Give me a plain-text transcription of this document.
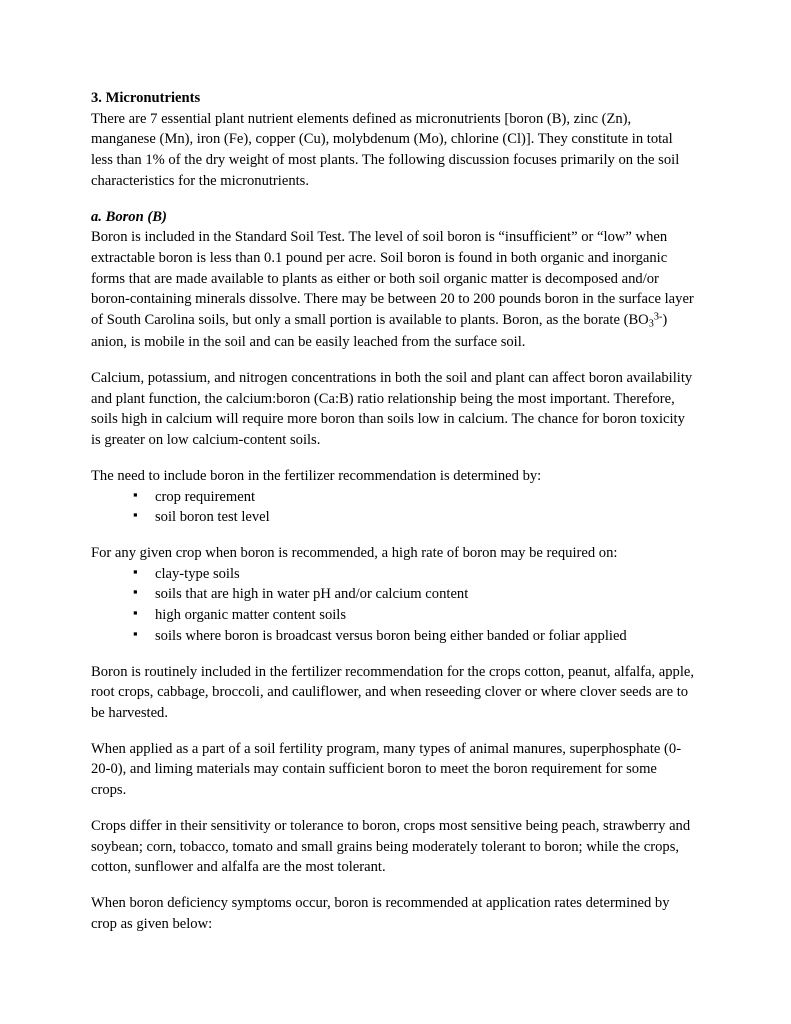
3. Micronutrients

There are 7 essential plant nutrient elements defined as micronutrients [boron (B), zinc (Zn), manganese (Mn), iron (Fe), copper (Cu), molybdenum (Mo), chlorine (Cl)]. They constitute in total less than 1% of the dry weight of most plants. The following discussion focuses primarily on the soil characteristics for the micronutrients.

a. Boron (B)

Boron is included in the Standard Soil Test. The level of soil boron is “insufficient” or “low” when extractable boron is less than 0.1 pound per acre. Soil boron is found in both organic and inorganic forms that are made available to plants as either or both soil organic matter is decomposed and/or boron-containing minerals dissolve. There may be between 20 to 200 pounds boron in the surface layer of South Carolina soils, but only a small portion is available to plants. Boron, as the borate $(BO_3^{3-})$ anion, is mobile in the soil and can be easily leached from the surface soil.

Calcium, potassium, and nitrogen concentrations in both the soil and plant can affect boron availability and plant function, the calcium:boron (Ca:B) ratio relationship being the most important. Therefore, soils high in calcium will require more boron than soils low in calcium. The chance for boron toxicity is greater on low calcium-content soils.

The need to include boron in the fertilizer recommendation is determined by:

▪ crop requirement
▪ soil boron test level

For any given crop when boron is recommended, a high rate of boron may be required on:

▪ clay-type soils
▪ soils that are high in water pH and/or calcium content
▪ high organic matter content soils
▪ soils where boron is broadcast versus boron being either banded or foliar applied

Boron is routinely included in the fertilizer recommendation for the crops cotton, peanut, alfalfa, apple, root crops, cabbage, broccoli, and cauliflower, and when reseeding clover or where clover seeds are to be harvested.

When applied as a part of a soil fertility program, many types of animal manures, superphosphate (0-20-0), and liming materials may contain sufficient boron to meet the boron requirement for some crops.

Crops differ in their sensitivity or tolerance to boron, crops most sensitive being peach, strawberry and soybean; corn, tobacco, tomato and small grains being moderately tolerant to boron; while the crops, cotton, sunflower and alfalfa are the most tolerant.

When boron deficiency symptoms occur, boron is recommended at application rates determined by crop as given below:
